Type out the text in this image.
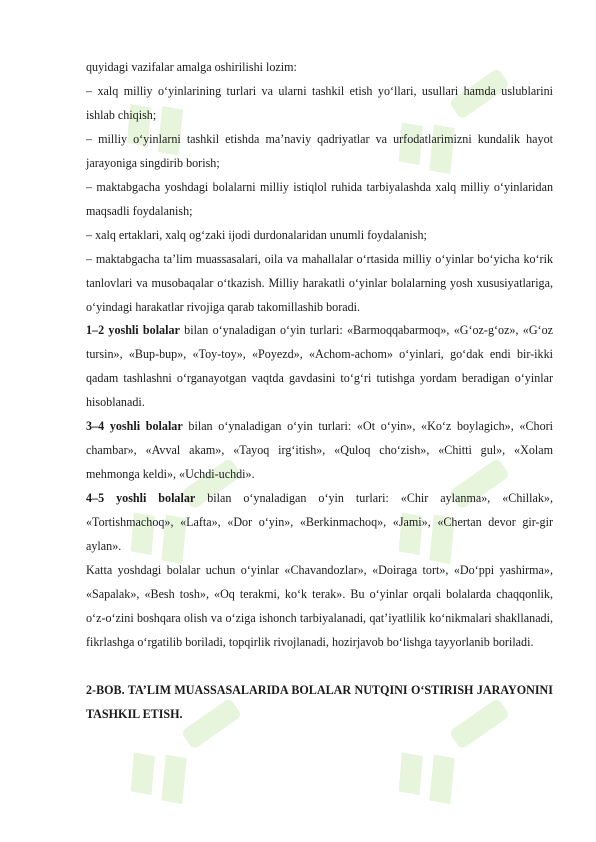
quyidagi vazifalar amalga oshirilishi lozim:

– xalq milliy o‘yinlarining turlari va ularni tashkil etish yo‘llari, usullari hamda uslublarini ishlab chiqish;

– milliy o‘yinlarni tashkil etishda ma’naviy qadriyatlar va urfodatlarimizni kundalik hayot jarayoniga singdirib borish;

– maktabgacha yoshdagi bolalarni milliy istiqlol ruhida tarbiyalashda xalq milliy o‘yinlaridan maqsadli foydalanish;

– xalq ertaklari, xalq og‘zaki ijodi durdonalaridan unumli foydalanish;

– maktabgacha ta’lim muassasalari, oila va mahallalar o‘rtasida milliy o‘yinlar bo‘yicha ko‘rik tanlovlari va musobaqalar o‘tkazish. Milliy harakatli o‘yinlar bolalarning yosh xususiyatlariga, o‘yindagi harakatlar rivojiga qarab takomillashib boradi.

1–2 yoshli bolalar bilan o‘ynaladigan o‘yin turlari: «Barmoqqabarmoq», «G‘oz-g‘oz», «G‘oz tursin», «Bup-bup», «Toy-toy», «Poyezd», «Achom-achom» o‘yinlari, go‘dak endi bir-ikki qadam tashlashni o‘rganayotgan vaqtda gavdasini to‘g‘ri tutishga yordam beradigan o‘yinlar hisoblanadi.

3–4 yoshli bolalar bilan o‘ynaladigan o‘yin turlari: «Ot o‘yin», «Ko‘z boylagich», «Chori chambar», «Avval akam», «Tayoq irg‘itish», «Quloq cho‘zish», «Chitti gul», «Xolam mehmonga keldi», «Uchdi-uchdi».

4–5 yoshli bolalar bilan o‘ynaladigan o‘yin turlari: «Chir aylanma», «Chillak», «Tortishmachoq», «Lafta», «Dor o‘yin», «Berkinmachoq», «Jami», «Chertan devor gir-gir aylan».

Katta yoshdagi bolalar uchun o‘yinlar «Chavandozlar», «Doiraga tort», «Do‘ppi yashirma», «Sapalak», «Besh tosh», «Oq terakmi, ko‘k terak». Bu o‘yinlar orqali bolalarda chaqqonlik, o‘z-o‘zini boshqara olish va o‘ziga ishonch tarbiyalanadi, qat’iyatlilik ko‘nikmalari shakllanadi, fikrlashga o‘rgatilib boriladi, topqirlik rivojlanadi, hozirjavob bo‘lishga tayyorlanib boriladi.

2-BOB. TA’LIM MUASSASALARIDA BOLALAR NUTQINI O‘STIRISH JARAYONINI TASHKIL ETISH.
